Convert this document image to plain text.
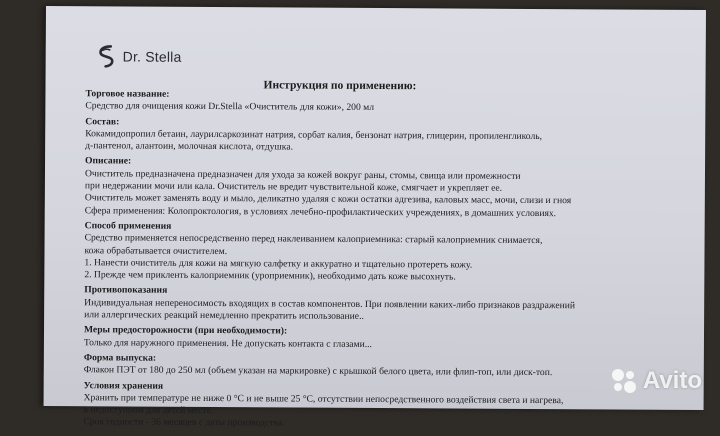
Dr. Stella
Инструкция по применению:

Торговое название:

Средство для очищения кожи Dr.Stella «Очиститель для кожи», 200 мл

Состав:

Кокамидопропил бетаин, лаурилсаркозинат натрия, сорбат калия, бензонат натрия, глицерин, пропиленгликоль,

д-пантенол, алантоин, молочная кислота, отдушка.

Описание:

Очиститель предназначена предназначен для ухода за кожей вокруг раны, стомы, свища или промежности

при недержании мочи или кала. Очиститель не вредит чувствительной коже, смягчает и укрепляет ее.

Очиститель может заменять воду и мыло, деликатно удаляя с кожи остатки адгезива, каловых масс, мочи, слизи и гноя

Сфера применения: Колопроктология, в условиях лечебно-профилактических учреждениях, в домашних условиях.

Способ применения

Средство применяется непосредственно перед наклеиванием калоприемника: старый калоприемник снимается,

кожа обрабатывается очистителем.

1. Нанести очиститель для кожи на мягкую салфетку и аккуратно и тщательно протереть кожу.

2. Прежде чем прикленть калоприемник (уроприемник), необходимо дать коже высохнуть.

Противопоказания

Индивидуальная непереносимость входящих в состав компонентов. При появлении каких-либо признаков раздражений

или аллергических реакций немедленно прекратить использование..

Меры предосторожности (при необходимости):

Только для наружного применения. Не допускать контакта с глазами...

Форма выпуска:

Флакон ПЭТ от 180 до 250 мл (объем указан на маркировке) с крышкой белого цвета, или флип-топ, или диск-топ.

Условия хранения

Хранить при температуре не ниже 0 °С и не выше 25 °С, отсутствии непосредственного воздействия света и нагрева,

в недоступном для детей месте.

Срок годности - 36 месяцев с даты производства.

Avito
